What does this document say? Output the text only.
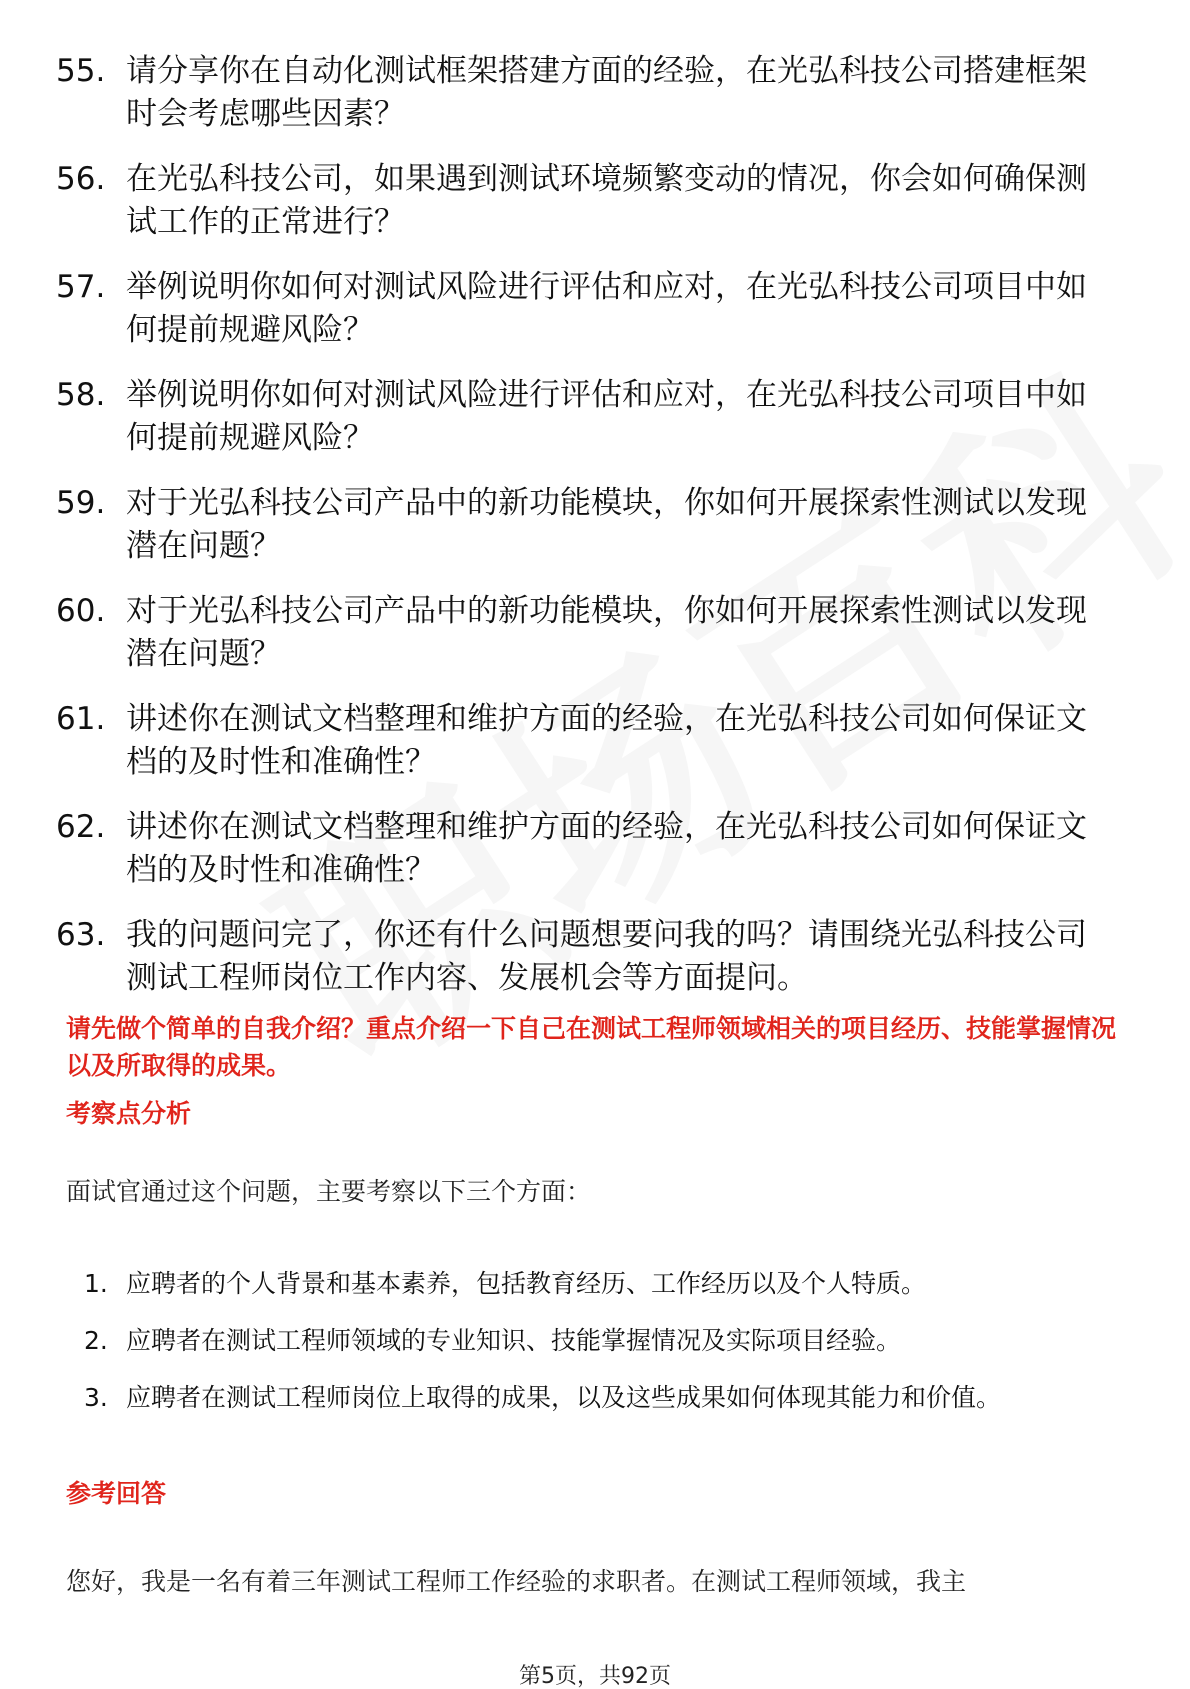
55. 请分享你在自动化测试框架搭建方面的经验，在光弘科技公司搭建框架时会考虑哪些因素？
56. 在光弘科技公司，如果遇到测试环境频繁变动的情况，你会如何确保测试工作的正常进行？
57. 举例说明你如何对测试风险进行评估和应对，在光弘科技公司项目中如何提前规避风险？
58. 举例说明你如何对测试风险进行评估和应对，在光弘科技公司项目中如何提前规避风险？
59. 对于光弘科技公司产品中的新功能模块，你如何开展探索性测试以发现潜在问题？
60. 对于光弘科技公司产品中的新功能模块，你如何开展探索性测试以发现潜在问题？
61. 讲述你在测试文档整理和维护方面的经验，在光弘科技公司如何保证文档的及时性和准确性？
62. 讲述你在测试文档整理和维护方面的经验，在光弘科技公司如何保证文档的及时性和准确性？
63. 我的问题问完了，你还有什么问题想要问我的吗？请围绕光弘科技公司测试工程师岗位工作内容、发展机会等方面提问。
请先做个简单的自我介绍？重点介绍一下自己在测试工程师领域相关的项目经历、技能掌握情况以及所取得的成果。
考察点分析
面试官通过这个问题，主要考察以下三个方面：
1. 应聘者的个人背景和基本素养，包括教育经历、工作经历以及个人特质。
2. 应聘者在测试工程师领域的专业知识、技能掌握情况及实际项目经验。
3. 应聘者在测试工程师岗位上取得的成果，以及这些成果如何体现其能力和价值。
参考回答
您好，我是一名有着三年测试工程师工作经验的求职者。在测试工程师领域，我主
第5页，共92页
